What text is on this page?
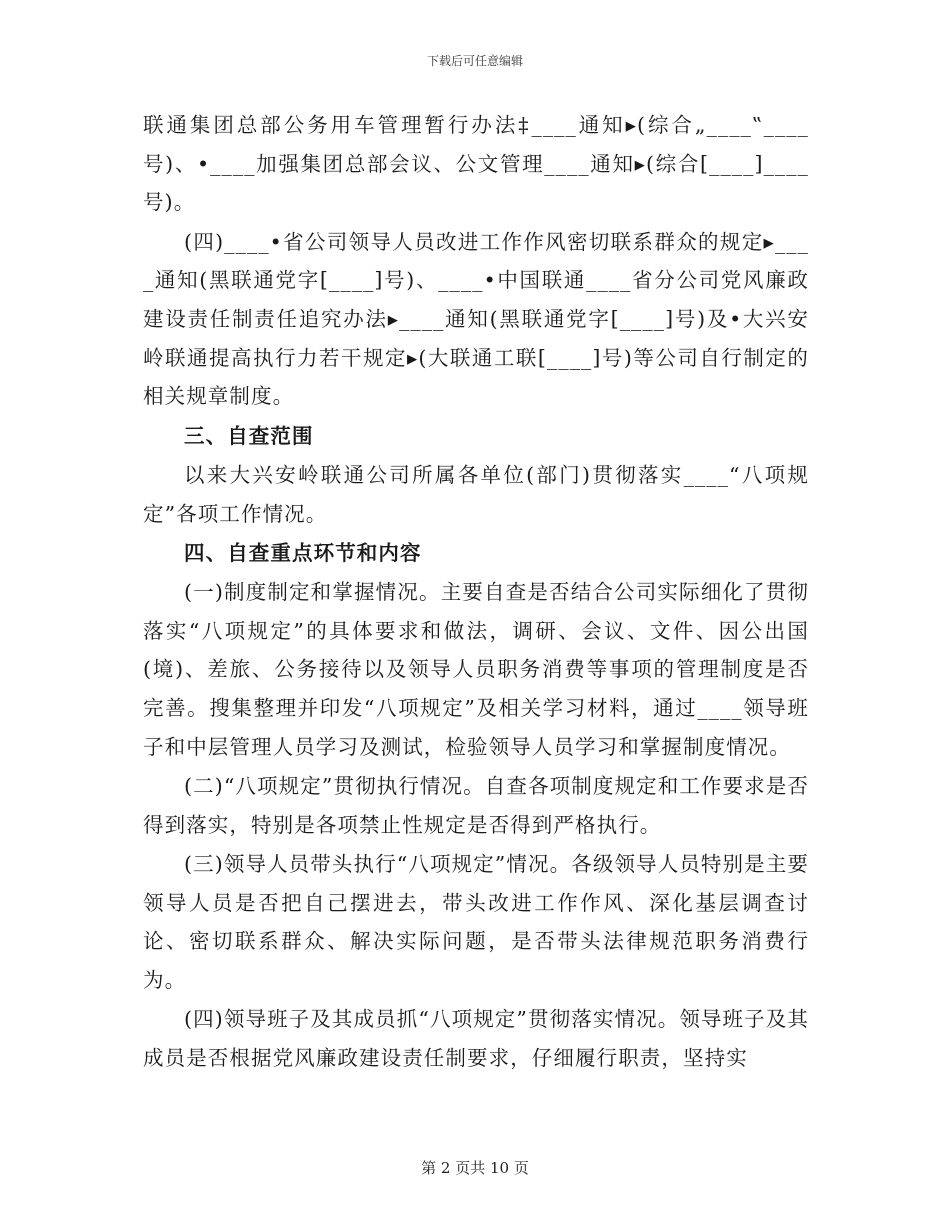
下载后可任意编辑

联通集团总部公务用车管理暂行办法‡____通知▸(综合„____‟____号)、•____加强集团总部会议、公文管理____通知▸(综合[____]____号)。

(四)____•省公司领导人员改进工作作风密切联系群众的规定▸____通知(黑联通党字[____]号)、____•中国联通____省分公司党风廉政建设责任制责任追究办法▸____通知(黑联通党字[____]号)及•大兴安岭联通提高执行力若干规定▸(大联通工联[____]号)等公司自行制定的相关规章制度。

三、自查范围

以来大兴安岭联通公司所属各单位(部门)贯彻落实____“八项规定”各项工作情况。

四、自查重点环节和内容

(一)制度制定和掌握情况。主要自查是否结合公司实际细化了贯彻落实“八项规定”的具体要求和做法，调研、会议、文件、因公出国(境)、差旅、公务接待以及领导人员职务消费等事项的管理制度是否完善。搜集整理并印发“八项规定”及相关学习材料，通过____领导班子和中层管理人员学习及测试，检验领导人员学习和掌握制度情况。

(二)“八项规定”贯彻执行情况。自查各项制度规定和工作要求是否得到落实，特别是各项禁止性规定是否得到严格执行。

(三)领导人员带头执行“八项规定”情况。各级领导人员特别是主要领导人员是否把自己摆进去，带头改进工作作风、深化基层调查讨论、密切联系群众、解决实际问题，是否带头法律规范职务消费行为。

(四)领导班子及其成员抓“八项规定”贯彻落实情况。领导班子及其成员是否根据党风廉政建设责任制要求，仔细履行职责，坚持实

第 2 页共 10 页
